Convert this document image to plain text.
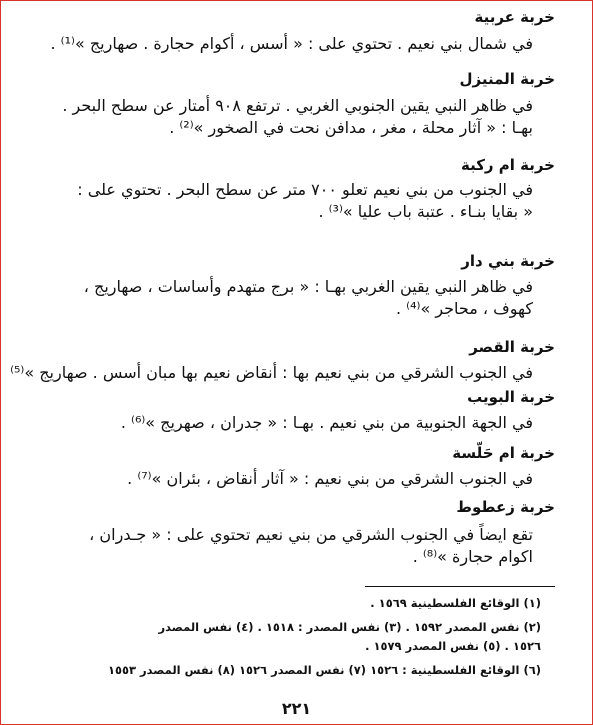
خربة عربية

في شمال بني نعيم . تحتوي على : « أسس ، أكوام حجارة . صهاريج »⁽¹⁾ .

خربة المنيزل

في ظاهر النبي يقين الجنوبي الغربي . ترتفع ٩٠٨ أمتار عن سطح البحر .

بهـا : « آثار محلة ، مغر ، مدافن نحت في الصخور »⁽²⁾ .

خربة ام ركبة

في الجنوب من بني نعيم تعلو ٧٠٠ متر عن سطح البحر . تحتوي على :

« بقايا بنـاء . عتبة باب عليا »⁽³⁾ .

خربة بني دار

في ظاهر النبي يقين الغربي بهـا : « برج متهدم وأساسات ، صهاريج ،

كهوف ، محاجر »⁽⁴⁾ .

خربة القصر

في الجنوب الشرقي من بني نعيم بها : أنقاض نعيم بها مبان أسس . صهاريج »⁽⁵⁾

خربة البويب

في الجهة الجنوبية من بني نعيم . بهـا : « جدران ، صهريج »⁽⁶⁾ .

خربة ام حَلّسة

في الجنوب الشرقي من بني نعيم : « آثار أنقاض ، بئران »⁽⁷⁾ .

خربة زعطوط

تقع ايضاً في الجنوب الشرقي من بني نعيم تحتوي على : « جـدران ،

اكوام حجارة »⁽⁸⁾ .

(١) الوقائع الفلسطينية ١٥٦٩ .
(٢) نفس المصدر ١٥٩٢ . (٣) نفس المصدر : ١٥١٨ . (٤) نفس المصدر
١٥٢٦ . (٥) نفس المصدر ١٥٧٩ .
(٦) الوقائع الفلسطينية : ١٥٢٦ (٧) نفس المصدر ١٥٢٦ (٨) نفس المصدر ١٥٥٣
٢٢١
